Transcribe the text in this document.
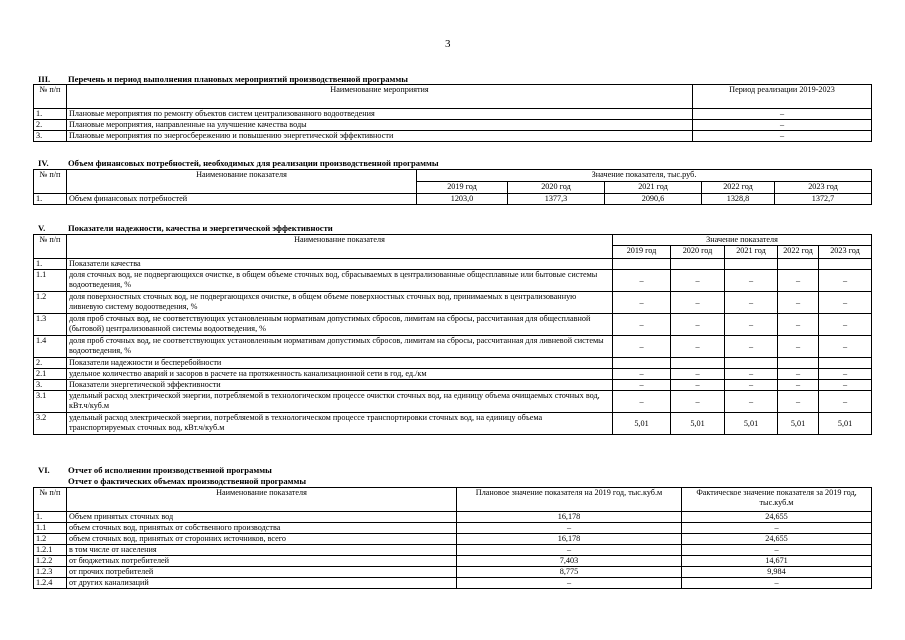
3
III. Перечень и период выполнения плановых мероприятий производственной программы
№ п/п	Наименование мероприятия	Период реализации 2019-2023
1.	Плановые мероприятия по ремонту объектов систем централизованного водоотведения	–
2.	Плановые мероприятия, направленные на улучшение качества воды	–
3.	Плановые мероприятия по энергосбережению и повышению энергетической эффективности	–
IV. Объем финансовых потребностей, необходимых для реализации производственной программы
№ п/п	Наименование показателя	Значение показателя, тыс.руб.				
		2019 год	2020 год	2021 год	2022 год	2023 год
1.	Объем финансовых потребностей	1203,0	1377,3	2090,6	1328,8	1372,7
V.	Показатели надежности, качества и энергетической эффективности
№ п/п	Наименование показателя	Значение показателя				
		2019 год	2020 год	2021 год	2022 год	2023 год
1.	Показатели качества					
1.1	доля сточных вод, не подвергающихся очистке, в общем объеме сточных вод, сбрасываемых в централизованные общесплавные или бытовые системы водоотведения, %	–	–	–	–	–
1.2	доля поверхностных сточных вод, не подвергающихся очистке, в общем объеме поверхностных сточных вод, принимаемых в централизованную ливневую систему водоотведения, %	–	–	–	–	–
1.3	доля проб сточных вод, не соответствующих установленным нормативам допустимых сбросов, лимитам на сбросы, рассчитанная для общесплавной (бытовой) централизованной системы водоотведения, %	–	–	–	–	–
1.4	доля проб сточных вод, не соответствующих установленным нормативам допустимых сбросов, лимитам на сбросы, рассчитанная для ливневой системы водоотведения, %	–	–	–	–	–
2.	Показатели надежности и бесперебойности					
2.1	удельное количество аварий и засоров в расчете на протяженность канализационной сети в год, ед./км	–	–	–	–	–
3.	Показатели энергетической эффективности	–	–	–	–	–
3.1	удельный расход электрической энергии, потребляемой в технологическом процессе очистки сточных вод, на единицу объема очищаемых сточных вод, кВт.ч/куб.м	–	–	–	–	–
3.2	удельный расход электрической энергии, потребляемой в технологическом процессе транспортировки сточных вод, на единицу объема транспортируемых сточных вод, кВт.ч/куб.м	5,01	5,01	5,01	5,01	5,01
VI. Отчет об исполнении производственной программы
Отчет о фактических объемах производственной программы
№ п/п	Наименование показателя	Плановое значение показателя на 2019 год, тыс.куб.м	Фактическое значение показателя за 2019 год, тыс.куб.м
1.	Объем принятых сточных вод	16,178	24,655
1.1	объем сточных вод, принятых от собственного производства	–	–
1.2	объем сточных вод, принятых от сторонних источников, всего	16,178	24,655
1.2.1	в том числе от населения	–	–
1.2.2	от бюджетных потребителей	7,403	14,671
1.2.3	от прочих потребителей	8,775	9,984
1.2.4	от других канализаций	–	–
